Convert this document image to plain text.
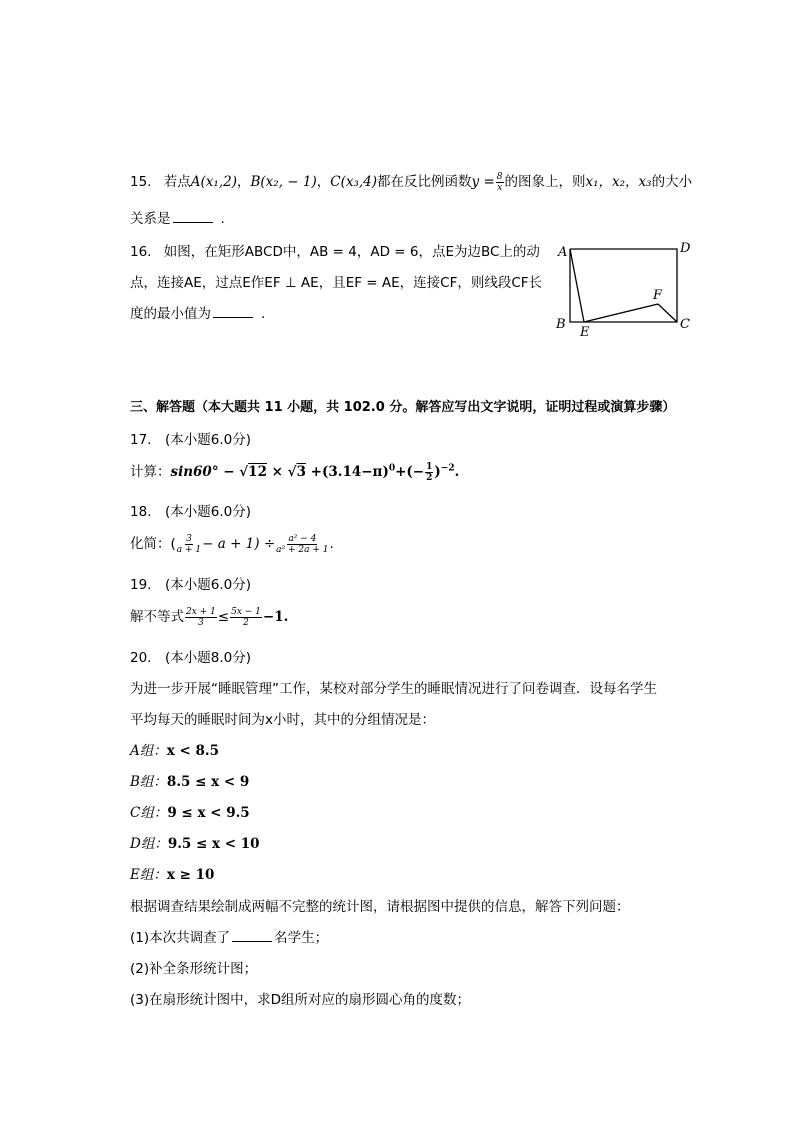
15. 若点A(x₁,2)，B(x₂, − 1)，C(x₃,4)都在反比例函数$y = \frac{8}{x}$ 的图象上，则x₁，x₂，x₃的大小
关系是	.
16. 如图，在矩形ABCD中，AB = 4，AD = 6，点E为边BC上的动
点，连接AE，过点E作EF ⊥ AE，且EF = AE，连接CF，则线段CF长
度的最小值为	.
A	D
B
E
C
F
三、解答题（本大题共 11 小题，共 102.0 分。解答应写出文字说明，证明过程或演算步骤）
17.　(本小题6.0分)
计算：$\sin 60^\circ - √12 \times √3 +(3.14-\pi)^0+(- \frac{1}{2} )^{-2}$.
18.　(本小题6.0分)
化简：( $\frac{3}{a + 1} - a + 1) \div \frac{\text{a² − 4}}{\text{a² + 2a + 1}}$ .
19.　(本小题6.0分)
解不等式 $\frac{2x + 1}{3} \le \frac{5x - 1}{2} -1$.
20.　(本小题8.0分)
为进一步开展“睡眠管理”工作，某校对部分学生的睡眠情况进行了问卷调查．设每名学生
平均每天的睡眠时间为x小时，其中的分组情况是：
A组：x < 8.5
B组：8.5 ≤ x < 9
C组：9 ≤ x < 9.5
D组：9.5 ≤ x < 10
E组：x ≥ 10
根据调查结果绘制成两幅不完整的统计图，请根据图中提供的信息，解答下列问题：
(1)本次共调查了	名学生；
(2)补全条形统计图；
(3)在扇形统计图中，求D组所对应的扇形圆心角的度数；
